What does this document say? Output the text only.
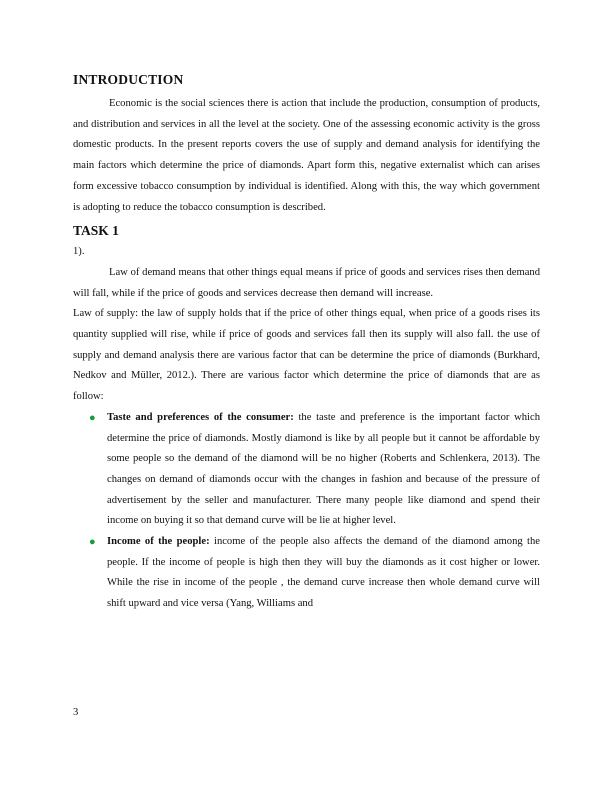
INTRODUCTION

Economic is the social sciences there is action that include the production, consumption of products, and distribution and services in all the level at the society. One of the assessing economic activity is the gross domestic products. In the present reports covers the use of supply and demand analysis for identifying the main factors which determine the price of diamonds. Apart form this, negative externalist which can arises form excessive tobacco consumption by individual is identified. Along with this, the way which government is adopting to reduce the tobacco consumption is described.

TASK 1

1).

Law of demand means that other things equal means if price of goods and services rises then demand will fall, while if the price of goods and services decrease then demand will increase.

Law of supply: the law of supply holds that if the price of other things equal, when price of a goods rises its quantity supplied will rise, while if price of goods and services fall then its supply will also fall. the use of supply and demand analysis there are various factor that can be determine the price of diamonds (Burkhard, Nedkov and Müller, 2012.). There are various factor which determine the price of diamonds that are as follow:

● Taste and preferences of the consumer: the taste and preference is the important factor which determine the price of diamonds. Mostly diamond is like by all people but it cannot be affordable by some people so the demand of the diamond will be no higher (Roberts and Schlenkera, 2013). The changes on demand of diamonds occur with the changes in fashion and because of the pressure of advertisement by the seller and manufacturer. There many people like diamond and spend their income on buying it so that demand curve will be lie at higher level.
● Income of the people: income of the people also affects the demand of the diamond among the people. If the income of people is high then they will buy the diamonds as it cost higher or lower. While the rise in income of the people , the demand curve increase then whole demand curve will shift upward and vice versa (Yang, Williams and
3
